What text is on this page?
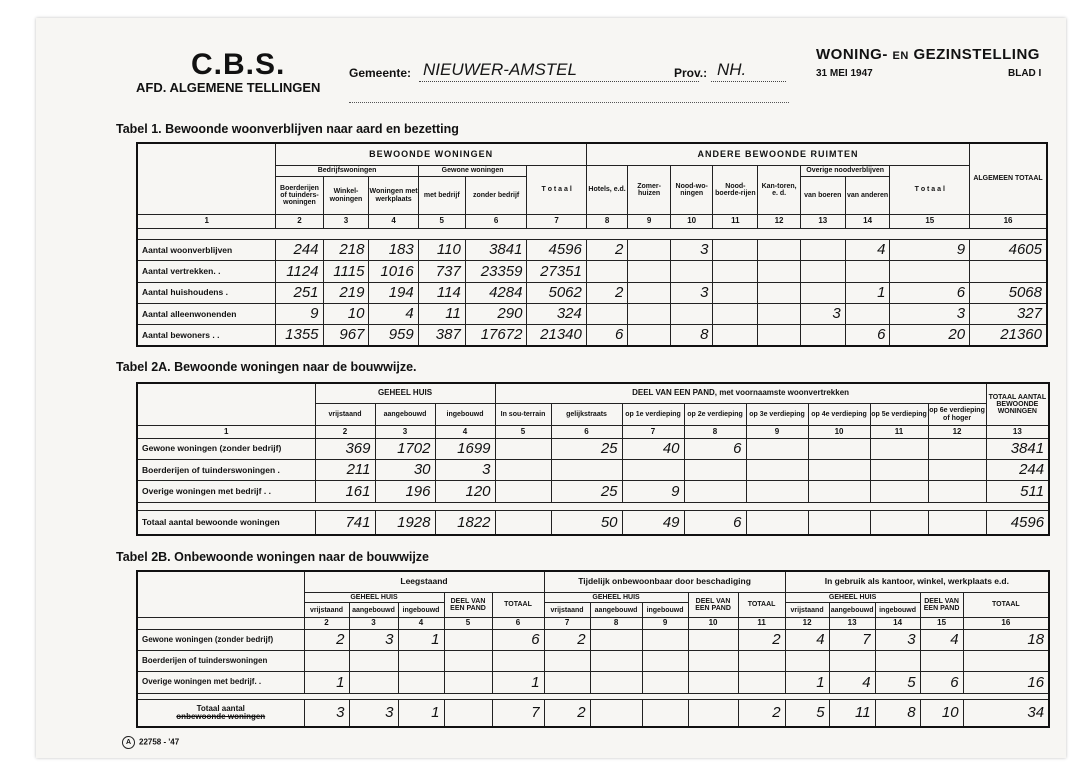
C.B.S.
AFD. ALGEMENE TELLINGEN
Gemeente: NIEUWER-AMSTEL	Prov.: NH.
WONING- EN GEZINSTELLING
31 MEI 1947	BLAD I
Tabel 1. Bewoonde woonverblijven naar aard en bezetting
	BEWOONDE WONINGEN						ANDERE BEWOONDE RUIMTEN								ALGEMEEN TOTAAL
	Bedrijfswoningen			Gewone woningen		T o t a a l	Hotels, e.d.	Zomer-huizen	Nood-wo-ningen	Nood-boerde-rijen	Kan-toren, e. d.	Overige noodverblijven		T o t a a l	
	Boerderijen of tuinders-woningen	Winkel-woningen	Woningen met werkplaats	met bedrijf	zonder bedrijf							van boeren	van anderen		

1	2	3	4	5	6	7	8	9	10	11	12	13	14	15	16

Aantal woonverblijven	244	218	183	110	3841	4596	2		3				4	9	4605
Aantal vertrekken. .	1124	1115	1016	737	23359	27351									
Aantal huishoudens .	251	219	194	114	4284	5062	2		3				1	6	5068
Aantal alleenwonenden	9	10	4	11	290	324						3		3	327
Aantal bewoners . .	1355	967	959	387	17672	21340	6		8				6	20	21360
Tabel 2A. Bewoonde woningen naar de bouwwijze.
	GEHEEL HUIS			DEEL VAN EEN PAND, met voornaamste woonvertrekken								TOTAAL AANTAL BEWOONDE WONINGEN
	vrijstaand	aangebouwd	ingebouwd	In sou-terrain	gelijkstraats	op 1e verdieping	op 2e verdieping	op 3e verdieping	op 4e verdieping	op 5e verdieping	op 6e verdieping of hoger	
1	2	3	4	5	6	7	8	9	10	11	12	13
Gewone woningen (zonder bedrijf)	369	1702	1699		25	40	6					3841
Boerderijen of tuinderswoningen .	211	30	3									244
Overige woningen met bedrijf . .	161	196	120		25	9						511

Totaal aantal bewoonde woningen	741	1928	1822		50	49	6					4596
Tabel 2B. Onbewoonde woningen naar de bouwwijze
	Leegstaand					Tijdelijk onbewoonbaar door beschadiging					In gebruik als kantoor, winkel, werkplaats e.d.				
	GEHEEL HUIS			DEEL VAN EEN PAND	TOTAAL	GEHEEL HUIS			DEEL VAN EEN PAND	TOTAAL	GEHEEL HUIS			DEEL VAN EEN PAND	TOTAAL
	vrijstaand	aangebouwd	ingebouwd			vrijstaand	aangebouwd	ingebouwd			vrijstaand	aangebouwd	ingebouwd		
	2	3	4	5	6	7	8	9	10	11	12	13	14	15	16
Gewone woningen (zonder bedrijf)	2	3	1		6	2				2	4	7	3	4	18
Boerderijen of tuinderswoningen															
Overige woningen met bedrijf. .	1				1						1	4	5	6	16

Totaal aantal
onbewoonde woningen	3	3	1		7	2				2	5	11	8	10	34
A 22758 - '47
